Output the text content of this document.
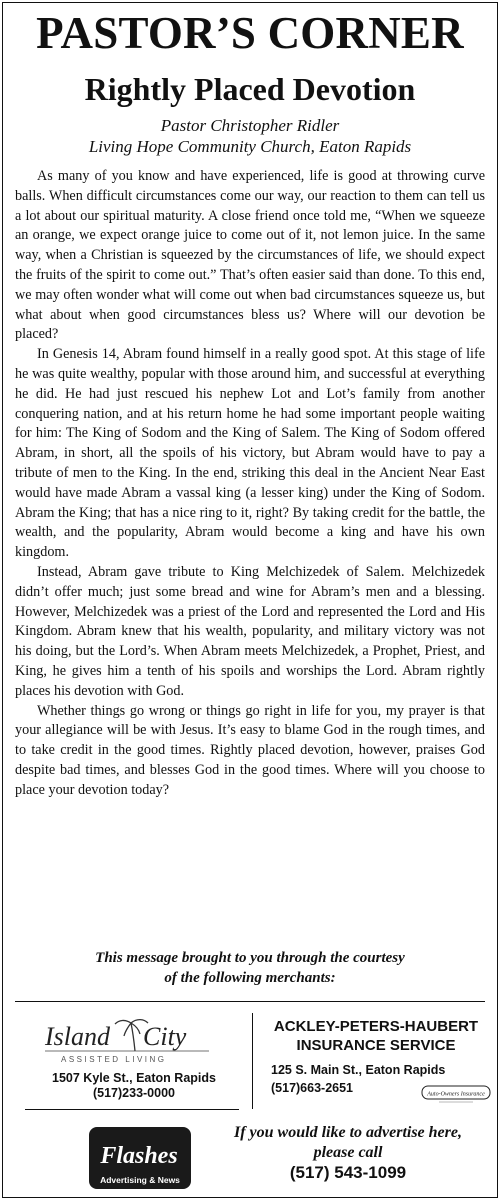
PASTOR’S CORNER
Rightly Placed Devotion
Pastor Christopher Ridler
Living Hope Community Church, Eaton Rapids

As many of you know and have experienced, life is good at throwing curve balls. When difficult circumstances come our way, our reaction to them can tell us a lot about our spiritual maturity. A close friend once told me, “When we squeeze an orange, we expect orange juice to come out of it, not lemon juice. In the same way, when a Christian is squeezed by the circumstances of life, we should expect the fruits of the spirit to come out.” That’s often easier said than done. To this end, we may often wonder what will come out when bad circumstances squeeze us, but what about when good circumstances bless us? Where will our devotion be placed?

In Genesis 14, Abram found himself in a really good spot. At this stage of life he was quite wealthy, popular with those around him, and successful at everything he did. He had just rescued his nephew Lot and Lot’s family from another conquering nation, and at his return home he had some important people waiting for him: The King of Sodom and the King of Salem. The King of Sodom offered Abram, in short, all the spoils of his victory, but Abram would have to pay a tribute of men to the King. In the end, striking this deal in the Ancient Near East would have made Abram a vassal king (a lesser king) under the King of Sodom. Abram the King; that has a nice ring to it, right? By taking credit for the battle, the wealth, and the popularity, Abram would become a king and have his own kingdom.

Instead, Abram gave tribute to King Melchizedek of Salem. Melchizedek didn’t offer much; just some bread and wine for Abram’s men and a blessing. However, Melchizedek was a priest of the Lord and represented the Lord and His Kingdom. Abram knew that his wealth, popularity, and military victory was not his doing, but the Lord’s. When Abram meets Melchizedek, a Prophet, Priest, and King, he gives him a tenth of his spoils and worships the Lord. Abram rightly places his devotion with God.

Whether things go wrong or things go right in life for you, my prayer is that your allegiance will be with Jesus. It’s easy to blame God in the rough times, and to take credit in the good times. Rightly placed devotion, however, praises God despite bad times, and blesses God in the good times. Where will you choose to place your devotion today?

This message brought to you through the courtesy
of the following merchants:
Island City
ASSISTED LIVING
1507 Kyle St., Eaton Rapids
(517)233-0000
ACKLEY-PETERS-HAUBERT
INSURANCE SERVICE
125 S. Main St., Eaton Rapids
(517)663-2651	Auto-Owners Insurance
Flashes
Advertising & News
If you would like to advertise here,
please call
(517) 543-1099
